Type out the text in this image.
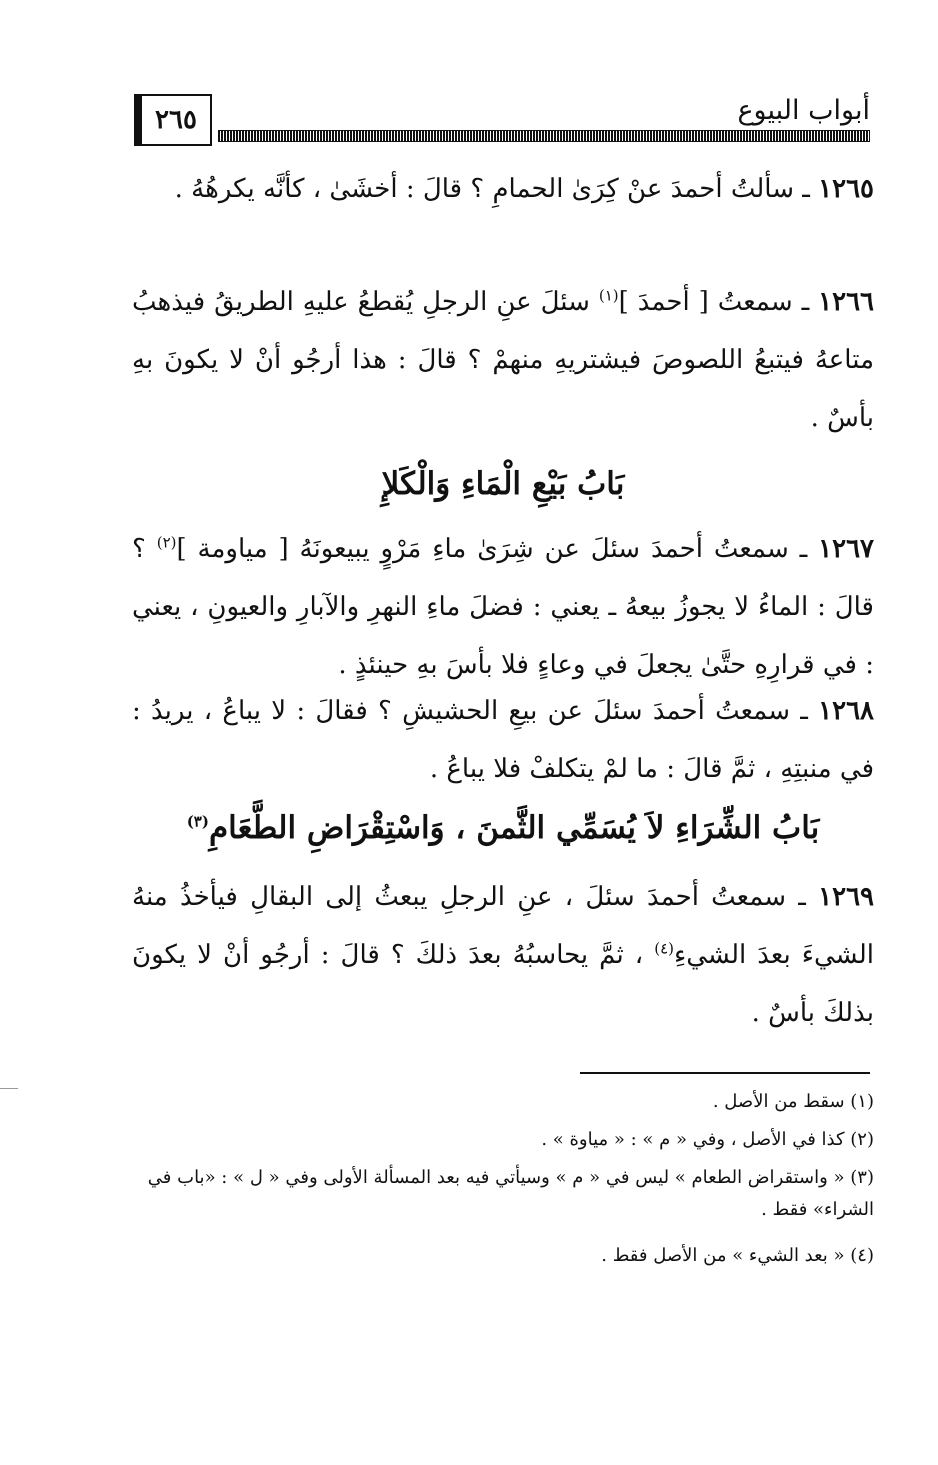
٢٦٥	أبواب البيوع

١٢٦٥ ـ سألتُ أحمدَ عنْ كِرَىٰ الحمامِ ؟ قالَ : أخشَىٰ ، كأنَّه يكرهُهُ .

١٢٦٦ ـ سمعتُ [ أحمدَ ]$^{(١)}$ سئلَ عنِ الرجلِ يُقطعُ عليهِ الطريقُ فيذهبُ متاعهُ فيتبعُ اللصوصَ فيشتريهِ منهمْ ؟ قالَ : هذا أرجُو أنْ لا يكونَ بهِ بأسٌ .

بَابُ بَيْعِ الْمَاءِ وَالْكَلإِ

١٢٦٧ ـ سمعتُ أحمدَ سئلَ عن شِرَىٰ ماءِ مَرْوٍ يبيعونَهُ [ مياومة ]$^{(٢)}$ ؟ قالَ : الماءُ لا يجوزُ بيعهُ ـ يعني : فضلَ ماءِ النهرِ والآبارِ والعيونِ ، يعني : في قرارِهِ حتَّىٰ يجعلَ في وعاءٍ فلا بأسَ بهِ حينئذٍ .

١٢٦٨ ـ سمعتُ أحمدَ سئلَ عن بيعِ الحشيشِ ؟ فقالَ : لا يباعُ ، يريدُ : في منبتِهِ ، ثمَّ قالَ : ما لمْ يتكلفْ فلا يباعُ .

بَابُ الشِّرَاءِ لاَ يُسَمِّي الثَّمنَ ، وَاسْتِقْرَاضِ الطَّعَامِ$^{(٣)}$

١٢٦٩ ـ سمعتُ أحمدَ سئلَ ، عنِ الرجلِ يبعثُ إلى البقالِ فيأخذُ منهُ الشيءَ بعدَ الشيءِ$^{(٤)}$ ، ثمَّ يحاسبُهُ بعدَ ذلكَ ؟ قالَ : أرجُو أنْ لا يكونَ بذلكَ بأسٌ .

(١) سقط من الأصل .
(٢) كذا في الأصل ، وفي « م » : « مياوة » .
(٣) « واستقراض الطعام » ليس في « م » وسيأتي فيه بعد المسألة الأولى وفي « ل » : «باب في الشراء» فقط .
(٤) « بعد الشيء » من الأصل فقط .
